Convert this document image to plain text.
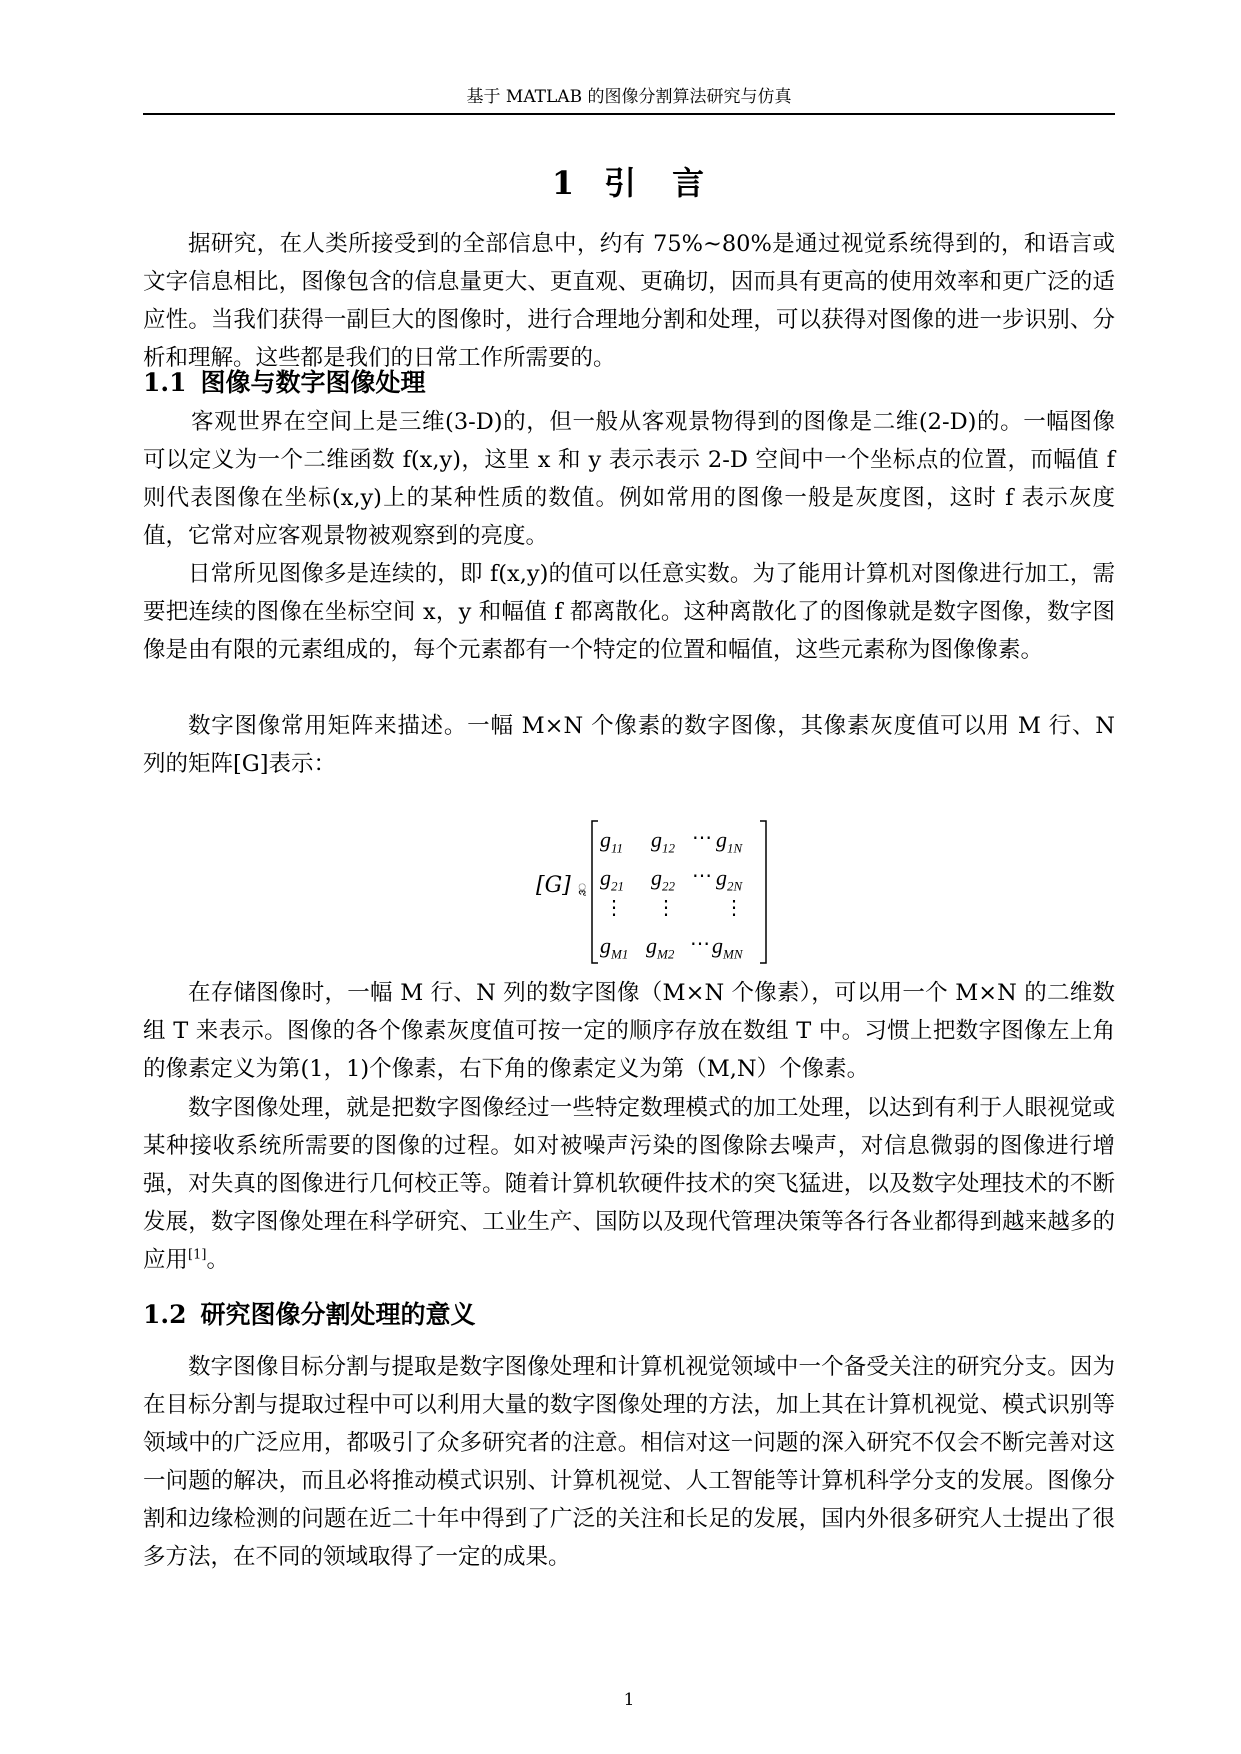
基于 MATLAB 的图像分割算法研究与仿真
1 引　言

据研究，在人类所接受到的全部信息中，约有 75%~80%是通过视觉系统得到的，和语言或文字信息相比，图像包含的信息量更大、更直观、更确切，因而具有更高的使用效率和更广泛的适应性。当我们获得一副巨大的图像时，进行合理地分割和处理，可以获得对图像的进一步识别、分析和理解。这些都是我们的日常工作所需要的。

1.1 图像与数字图像处理

客观世界在空间上是三维(3-D)的，但一般从客观景物得到的图像是二维(2-D)的。一幅图像可以定义为一个二维函数 f(x,y)，这里 x 和 y 表示表示 2-D 空间中一个坐标点的位置，而幅值 f 则代表图像在坐标(x,y)上的某种性质的数值。例如常用的图像一般是灰度图，这时 f 表示灰度值，它常对应客观景物被观察到的亮度。

日常所见图像多是连续的，即 f(x,y)的值可以任意实数。为了能用计算机对图像进行加工，需要把连续的图像在坐标空间 x，y 和幅值 f 都离散化。这种离散化了的图像就是数字图像，数字图像是由有限的元素组成的，每个元素都有一个特定的位置和幅值，这些元素称为图像像素。

数字图像常用矩阵来描述。一幅 M×N 个像素的数字图像，其像素灰度值可以用 M 行、N 列的矩阵[G]表示：

[G] ॢ
$g_{11}$ $g_{12}$ ⋯ $g_{1N}$
$g_{21}$ $g_{22}$ ⋯ $g_{2N}$
⋮ ⋮ ⋮
$g_{M1}$ $g_{M2}$ ⋯ $g_{MN}$

在存储图像时，一幅 M 行、N 列的数字图像（M×N 个像素），可以用一个 M×N 的二维数组 T 来表示。图像的各个像素灰度值可按一定的顺序存放在数组 T 中。习惯上把数字图像左上角的像素定义为第(1，1)个像素，右下角的像素定义为第（M,N）个像素。

数字图像处理，就是把数字图像经过一些特定数理模式的加工处理，以达到有利于人眼视觉或某种接收系统所需要的图像的过程。如对被噪声污染的图像除去噪声，对信息微弱的图像进行增强，对失真的图像进行几何校正等。随着计算机软硬件技术的突飞猛进，以及数字处理技术的不断发展，数字图像处理在科学研究、工业生产、国防以及现代管理决策等各行各业都得到越来越多的应用[1]。

1.2 研究图像分割处理的意义

数字图像目标分割与提取是数字图像处理和计算机视觉领域中一个备受关注的研究分支。因为在目标分割与提取过程中可以利用大量的数字图像处理的方法，加上其在计算机视觉、模式识别等领域中的广泛应用，都吸引了众多研究者的注意。相信对这一问题的深入研究不仅会不断完善对这一问题的解决，而且必将推动模式识别、计算机视觉、人工智能等计算机科学分支的发展。图像分割和边缘检测的问题在近二十年中得到了广泛的关注和长足的发展，国内外很多研究人士提出了很多方法，在不同的领域取得了一定的成果。

1
